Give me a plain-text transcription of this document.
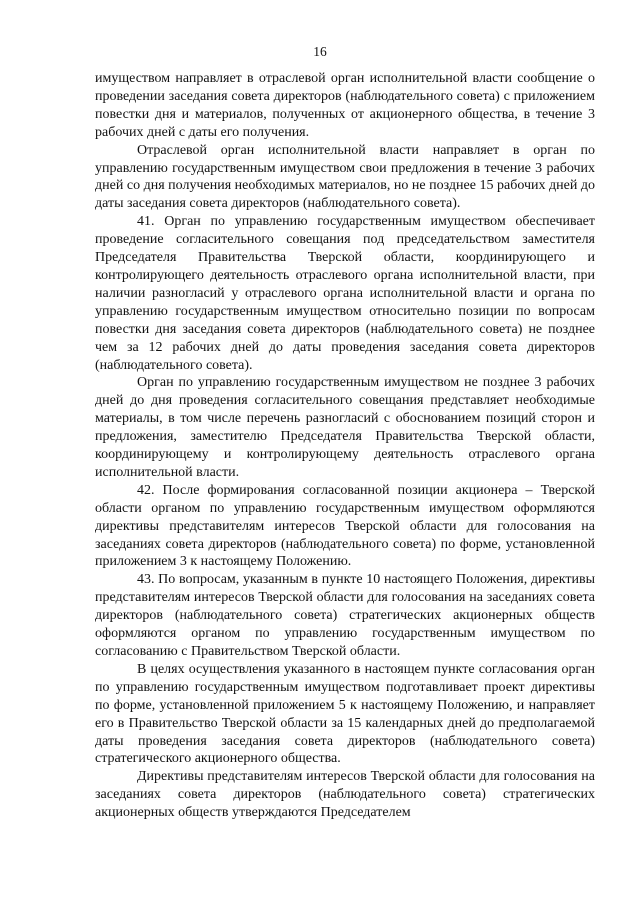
16

имуществом направляет в отраслевой орган исполнительной власти сообщение о проведении заседания совета директоров (наблюдательного совета) с приложением повестки дня и материалов, полученных от акционерного общества, в течение 3 рабочих дней с даты его получения.

Отраслевой орган исполнительной власти направляет в орган по управлению государственным имуществом свои предложения в течение 3 рабочих дней со дня получения необходимых материалов, но не позднее 15 рабочих дней до даты заседания совета директоров (наблюдательного совета).

41. Орган по управлению государственным имуществом обеспечивает проведение согласительного совещания под председательством заместителя Председателя Правительства Тверской области, координирующего и контролирующего деятельность отраслевого органа исполнительной власти, при наличии разногласий у отраслевого органа исполнительной власти и органа по управлению государственным имуществом относительно позиции по вопросам повестки дня заседания совета директоров (наблюдательного совета) не позднее чем за 12 рабочих дней до даты проведения заседания совета директоров (наблюдательного совета).

Орган по управлению государственным имуществом не позднее 3 рабочих дней до дня проведения согласительного совещания представляет необходимые материалы, в том числе перечень разногласий с обоснованием позиций сторон и предложения, заместителю Председателя Правительства Тверской области, координирующему и контролирующему деятельность отраслевого органа исполнительной власти.

42. После формирования согласованной позиции акционера – Тверской области органом по управлению государственным имуществом оформляются директивы представителям интересов Тверской области для голосования на заседаниях совета директоров (наблюдательного совета) по форме, установленной приложением 3 к настоящему Положению.

43. По вопросам, указанным в пункте 10 настоящего Положения, директивы представителям интересов Тверской области для голосования на заседаниях совета директоров (наблюдательного совета) стратегических акционерных обществ оформляются органом по управлению государственным имуществом по согласованию с Правительством Тверской области.

В целях осуществления указанного в настоящем пункте согласования орган по управлению государственным имуществом подготавливает проект директивы по форме, установленной приложением 5 к настоящему Положению, и направляет его в Правительство Тверской области за 15 календарных дней до предполагаемой даты проведения заседания совета директоров (наблюдательного совета) стратегического акционерного общества.

Директивы представителям интересов Тверской области для голосования на заседаниях совета директоров (наблюдательного совета) стратегических акционерных обществ утверждаются Председателем
